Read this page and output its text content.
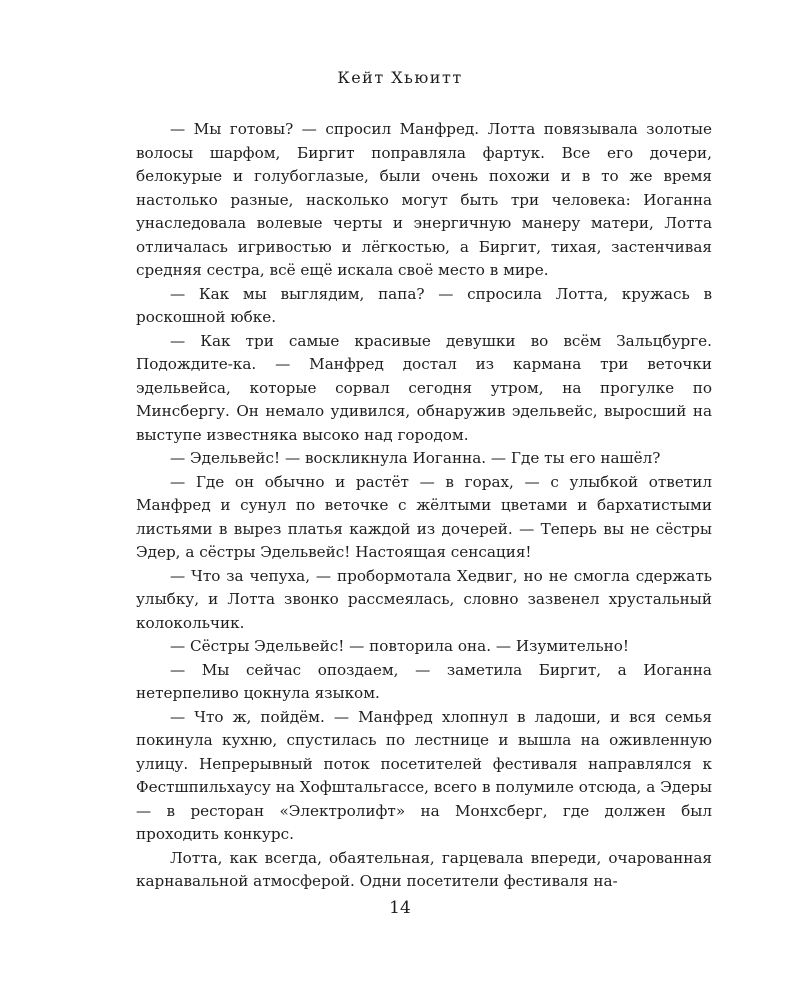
Кейт Хьюитт

— Мы готовы? — спросил Манфред. Лотта повязывала золотые волосы шарфом, Биргит поправляла фартук. Все его дочери, белокурые и голубоглазые, были очень похожи и в то же время настолько разные, насколько могут быть три человека: Иоганна унаследовала волевые черты и энергичную манеру матери, Лотта отличалась игривостью и лёгкостью, а Биргит, тихая, застенчивая средняя сестра, всё ещё искала своё место в мире.

— Как мы выглядим, папа? — спросила Лотта, кружась в роскошной юбке.

— Как три самые красивые девушки во всём Зальцбурге. Подождите-ка. — Манфред достал из кармана три веточки эдельвейса, которые сорвал сегодня утром, на прогулке по Минсбергу. Он немало удивился, обнаружив эдельвейс, выросший на выступе известняка высоко над городом.

— Эдельвейс! — воскликнула Иоганна. — Где ты его нашёл?

— Где он обычно и растёт — в горах, — с улыбкой ответил Манфред и сунул по веточке с жёлтыми цветами и бархатистыми листьями в вырез платья каждой из дочерей. — Теперь вы не сёстры Эдер, а сёстры Эдельвейс! Настоящая сенсация!

— Что за чепуха, — пробормотала Хедвиг, но не смогла сдержать улыбку, и Лотта звонко рассмеялась, словно зазвенел хрустальный колокольчик.

— Сёстры Эдельвейс! — повторила она. — Изумительно!

— Мы сейчас опоздаем, — заметила Биргит, а Иоганна нетерпеливо цокнула языком.

— Что ж, пойдём. — Манфред хлопнул в ладоши, и вся семья покинула кухню, спустилась по лестнице и вышла на оживленную улицу. Непрерывный поток посетителей фестиваля направлялся к Фестшпильхаусу на Хофштальгассе, всего в полумиле отсюда, а Эдеры — в ресторан «Электролифт» на Монхсберг, где должен был проходить конкурс.

Лотта, как всегда, обаятельная, гарцевала впереди, очарованная карнавальной атмосферой. Одни посетители фестиваля на-

14
